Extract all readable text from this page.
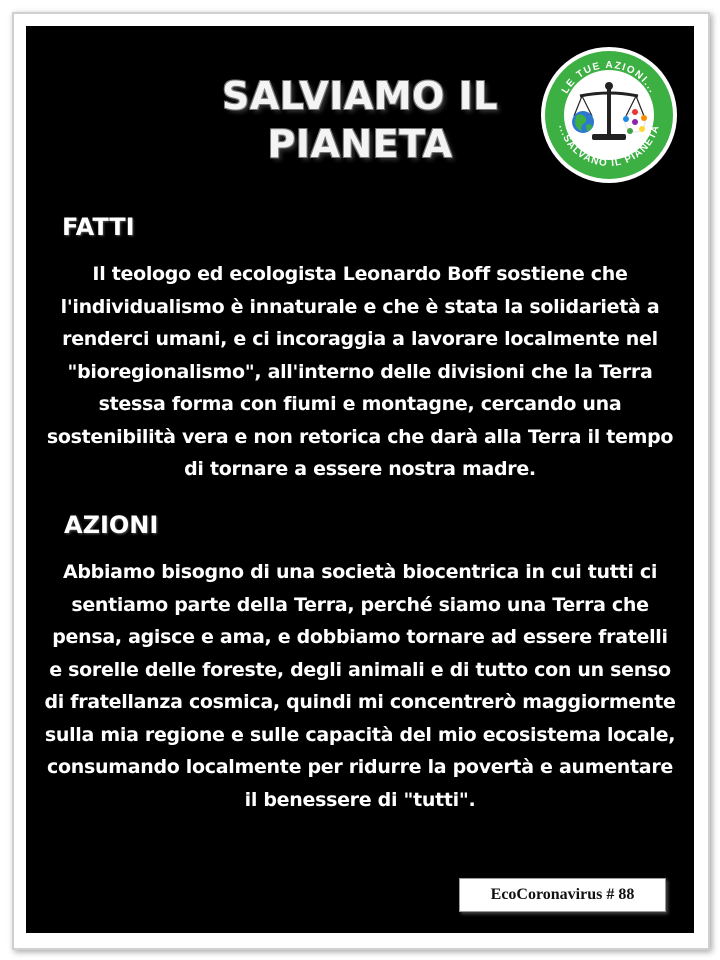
SALVIAMO IL PIANETA
LE TUE AZIONI...
...SALVANO IL PIANETA
FATTI
Il teologo ed ecologista Leonardo Boff sostiene che l'individualismo è innaturale e che è stata la solidarietà a renderci umani, e ci incoraggia a lavorare localmente nel "bioregionalismo", all'interno delle divisioni che la Terra stessa forma con fiumi e montagne, cercando una sostenibilità vera e non retorica che darà alla Terra il tempo di tornare a essere nostra madre.
AZIONI
Abbiamo bisogno di una società biocentrica in cui tutti ci sentiamo parte della Terra, perché siamo una Terra che pensa, agisce e ama, e dobbiamo tornare ad essere fratelli e sorelle delle foreste, degli animali e di tutto con un senso di fratellanza cosmica, quindi mi concentrerò maggiormente sulla mia regione e sulle capacità del mio ecosistema locale, consumando localmente per ridurre la povertà e aumentare il benessere di "tutti".
EcoCoronavirus # 88
